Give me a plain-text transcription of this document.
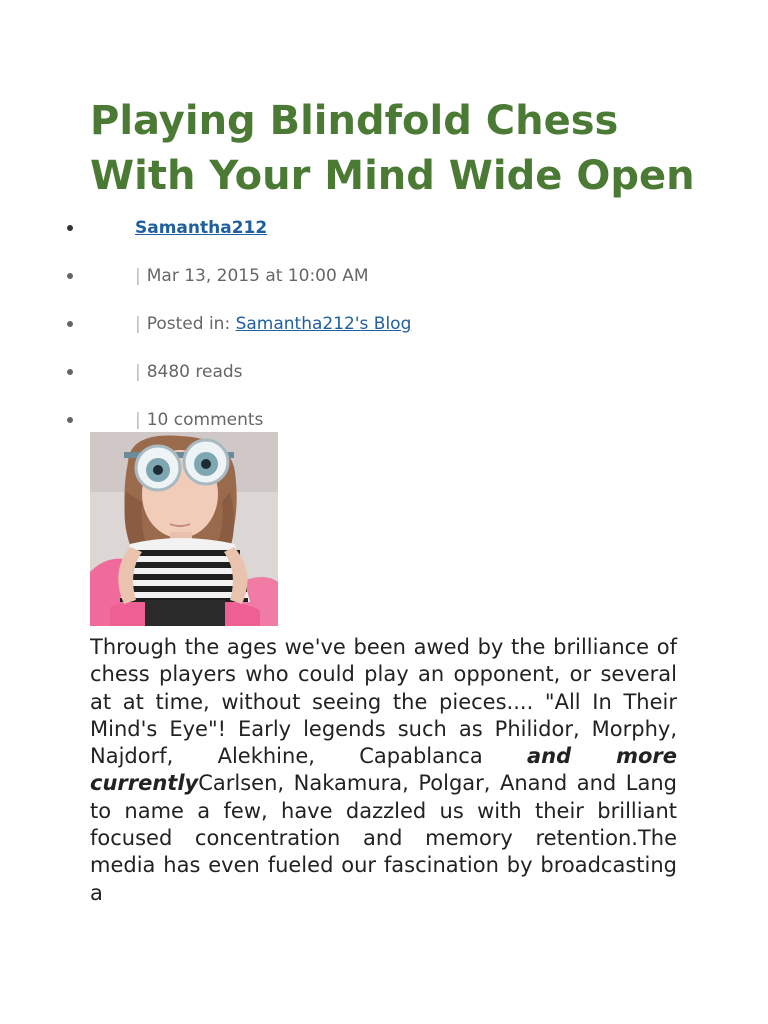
Playing Blindfold Chess With Your Mind Wide Open
Samantha212
| Mar 13, 2015 at 10:00 AM
| Posted in: Samantha212's Blog
| 8480 reads
| 10 comments

Through the ages we've been awed by the brilliance of chess players who could play an opponent, or several at at time, without seeing the pieces.... "All In Their Mind's Eye"! Early legends such as Philidor, Morphy, Najdorf, Alekhine, Capablanca and more currentlyCarlsen, Nakamura, Polgar, Anand and Lang to name a few, have dazzled us with their brilliant focused concentration and memory retention.The media has even fueled our fascination by broadcasting a
